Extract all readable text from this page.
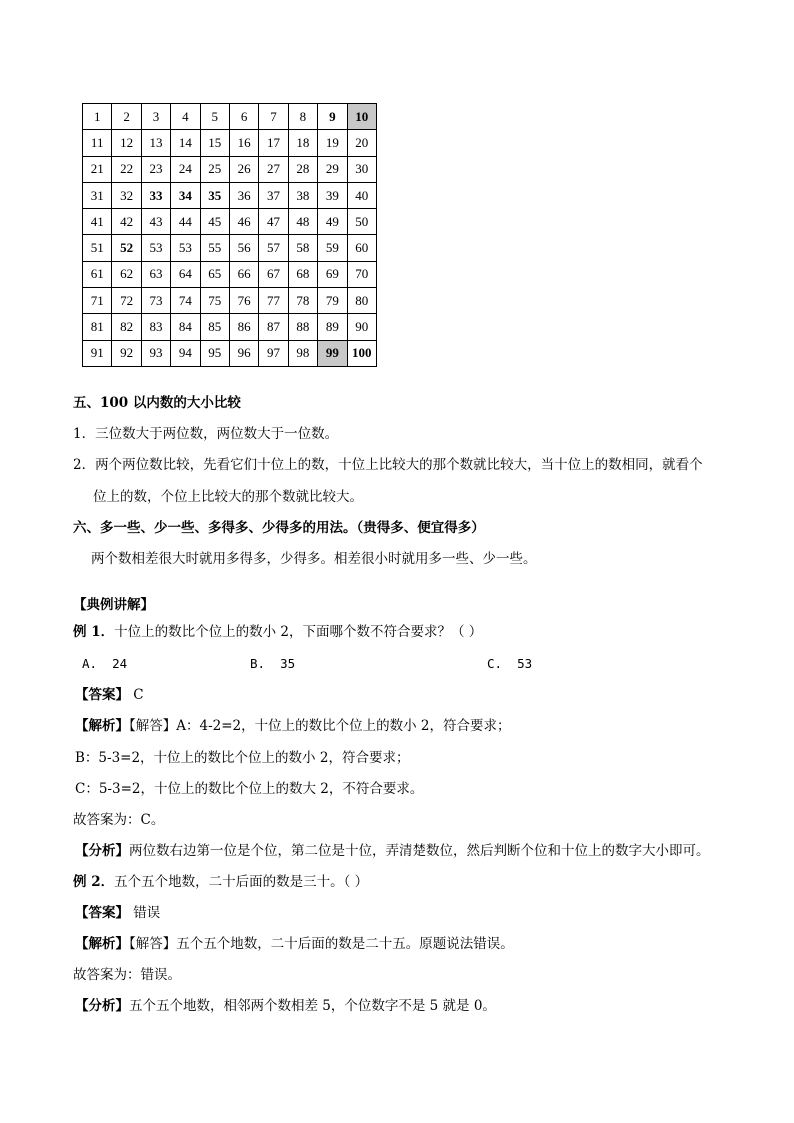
1	2	3	4	5	6	7	8	9	10
11	12	13	14	15	16	17	18	19	20
21	22	23	24	25	26	27	28	29	30
31	32	33	34	35	36	37	38	39	40
41	42	43	44	45	46	47	48	49	50
51	52	53	53	55	56	57	58	59	60
61	62	63	64	65	66	67	68	69	70
71	72	73	74	75	76	77	78	79	80
81	82	83	84	85	86	87	88	89	90
91	92	93	94	95	96	97	98	99	100
五、100 以内数的大小比较
1．三位数大于两位数，两位数大于一位数。
2．两个两位数比较，先看它们十位上的数，十位上比较大的那个数就比较大，当十位上的数相同，就看个
位上的数，个位上比较大的那个数就比较大。
六、多一些、少一些、多得多、少得多的用法。（贵得多、便宜得多）
两个数相差很大时就用多得多，少得多。相差很小时就用多一些、少一些。
【典例讲解】
例 1．十位上的数比个位上的数小 2，下面哪个数不符合要求？（ ）
A. 24	B. 35	C. 53
【答案】 C
【解析】【解答】A：4-2=2，十位上的数比个位上的数小 2，符合要求；
B：5-3=2，十位上的数比个位上的数小 2，符合要求；
C：5-3=2，十位上的数比个位上的数大 2，不符合要求。
故答案为：C。
【分析】两位数右边第一位是个位，第二位是十位，弄清楚数位，然后判断个位和十位上的数字大小即可。
例 2．五个五个地数，二十后面的数是三十。（ ）
【答案】 错误
【解析】【解答】五个五个地数，二十后面的数是二十五。原题说法错误。
故答案为：错误。
【分析】五个五个地数，相邻两个数相差 5，个位数字不是 5 就是 0。
